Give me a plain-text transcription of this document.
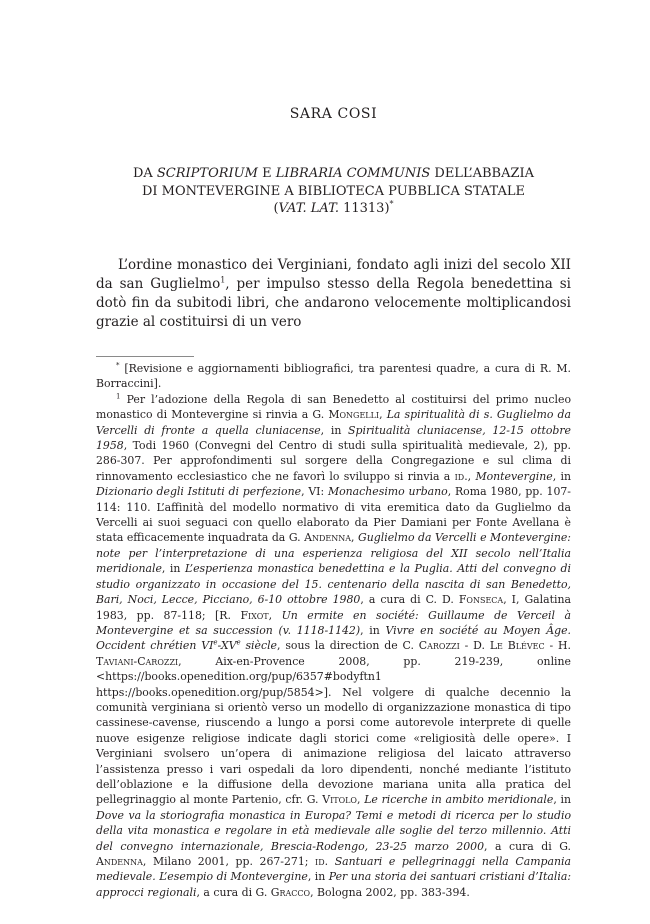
SARA COSI
DA SCRIPTORIUM E LIBRARIA COMMUNIS DELL’ABBAZIA
DI MONTEVERGINE A BIBLIOTECA PUBBLICA STATALE
(VAT. LAT. 11313)*

L’ordine monastico dei Verginiani, fondato agli inizi del secolo XII da san Guglielmo$^1$, per impulso stesso della Regola benedettina si dotò fin da subitodi libri, che andarono velocemente moltiplicandosi grazie al costituirsi di un vero

* [Revisione e aggiornamenti bibliografici, tra parentesi quadre, a cura di R. M. Borraccini].

$^1$ Per l’adozione della Regola di san Benedetto al costituirsi del primo nucleo monastico di Montevergine si rinvia a G. Mongelli, La spiritualità di s. Guglielmo da Vercelli di fronte a quella cluniacense, in Spiritualità cluniacense, 12-15 ottobre 1958, Todi 1960 (Convegni del Centro di studi sulla spiritualità medievale, 2), pp. 286-307. Per approfondimenti sul sorgere della Congregazione e sul clima di rinnovamento ecclesiastico che ne favorì lo sviluppo si rinvia a id., Montevergine, in Dizionario degli Istituti di perfezione, VI: Monachesimo urbano, Roma 1980, pp. 107-114: 110. L’affinità del modello normativo di vita eremitica dato da Guglielmo da Vercelli ai suoi seguaci con quello elaborato da Pier Damiani per Fonte Avellana è stata efficacemente inquadrata da G. Andenna, Guglielmo da Vercelli e Montevergine: note per l’interpretazione di una esperienza religiosa del XII secolo nell’Italia meridionale, in L’esperienza monastica benedettina e la Puglia. Atti del convegno di studio organizzato in occasione del 15. centenario della nascita di san Benedetto, Bari, Noci, Lecce, Picciano, 6-10 ottobre 1980, a cura di C. D. Fonseca, I, Galatina 1983, pp. 87-118; [R. Fixot, Un ermite en société: Guillaume de Verceil à Montevergine et sa succession (v. 1118-1142), in Vivre en société au Moyen Âge. Occident chrétien VIe-XVe siècle, sous la direction de C. Carozzi - D. Le Blévec - H. Taviani-Carozzi, Aix-en-Provence 2008, pp. 219-239, online <https://books.openedition.org/pup/6357#bodyftn1 https://books.openedition.org/pup/5854>]. Nel volgere di qualche decennio la comunità verginiana si orientò verso un modello di organizzazione monastica di tipo cassinese-cavense, riuscendo a lungo a porsi come autorevole interprete di quelle nuove esigenze religiose indicate dagli storici come «religiosità delle opere». I Verginiani svolsero un’opera di animazione religiosa del laicato attraverso l’assistenza presso i vari ospedali da loro dipendenti, nonché mediante l’istituto dell’oblazione e la diffusione della devozione mariana unita alla pratica del pellegrinaggio al monte Partenio, cfr. G. Vitolo, Le ricerche in ambito meridionale, in Dove va la storiografia monastica in Europa? Temi e metodi di ricerca per lo studio della vita monastica e regolare in età medievale alle soglie del terzo millennio. Atti del convegno internazionale, Brescia-Rodengo, 23-25 marzo 2000, a cura di G. Andenna, Milano 2001, pp. 267-271; id. Santuari e pellegrinaggi nella Campania medievale. L’esempio di Montevergine, in Per una storia dei santuari cristiani d’Italia: approcci regionali, a cura di G. Gracco, Bologna 2002, pp. 383-394.
